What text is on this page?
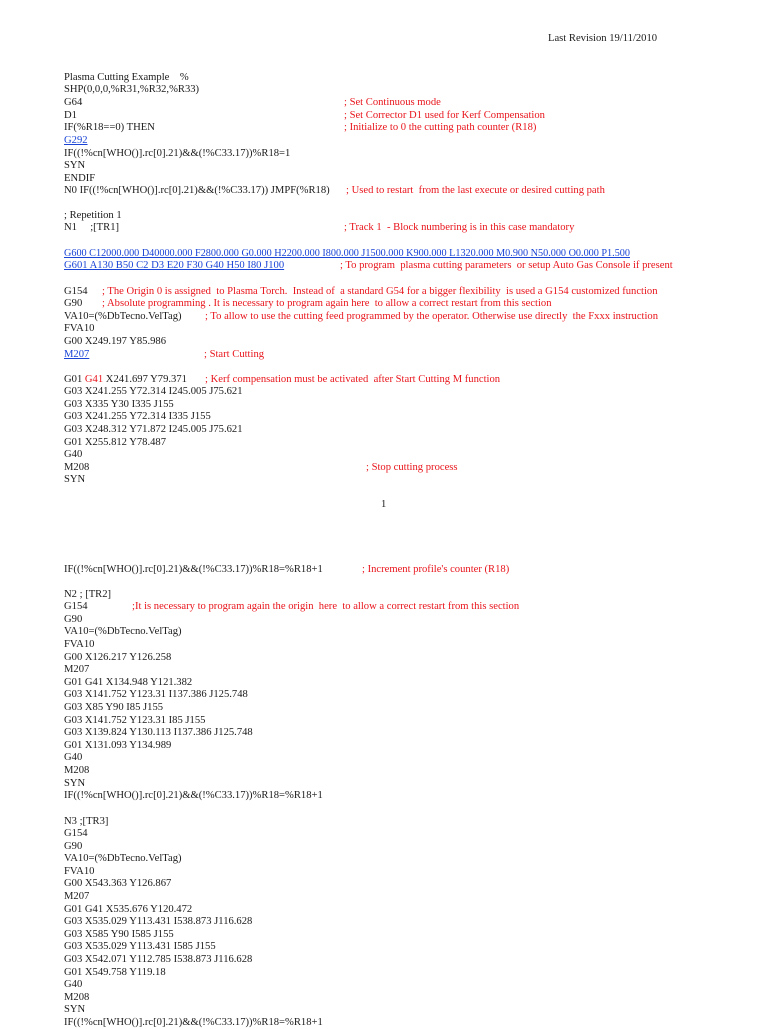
Last Revision 19/11/2010
Plasma Cutting Example    %
SHP(0,0,0,%R31,%R32,%R33)
G64	; Set Continuous mode
D1	; Set Corrector D1 used for Kerf Compensation
IF(%R18==0) THEN	; Initialize to 0 the cutting path counter (R18)
G292
IF((!%cn[WHO()].rc[0].21)&&(!%C33.17))%R18=1
SYN
ENDIF
N0 IF((!%cn[WHO()].rc[0].21)&&(!%C33.17)) JMPF(%R18) ; Used to restart  from the last execute or desired cutting path
; Repetition 1
N1     ;[TR1]	; Track 1  - Block numbering is in this case mandatory
G600 C12000.000 D40000.000 F2800.000 G0.000 H2200.000 I800.000 J1500.000 K900.000 L1320.000 M0.900 N50.000 O0.000 P1.500
G601 A130 B50 C2 D3 E20 F30 G40 H50 I80 J100	; To program  plasma cutting parameters  or setup Auto Gas Console if present
G154 ; The Origin 0 is assigned  to Plasma Torch.  Instead of  a standard G54 for a bigger flexibility  is used a G154 customized function
G90 ; Absolute programming . It is necessary to program again here  to allow a correct restart from this section
VA10=(%DbTecno.VelTag) ; To allow to use the cutting feed programmed by the operator. Otherwise use directly  the Fxxx instruction
FVA10
G00 X249.197 Y85.986
M207	; Start Cutting
G01 G41 X241.697 Y79.371 ; Kerf compensation must be activated  after Start Cutting M function
G03 X241.255 Y72.314 I245.005 J75.621
G03 X335 Y30 I335 J155
G03 X241.255 Y72.314 I335 J155
G03 X248.312 Y71.872 I245.005 J75.621
G01 X255.812 Y78.487
G40
M208	; Stop cutting process
SYN
1
IF((!%cn[WHO()].rc[0].21)&&(!%C33.17))%R18=%R18+1	; Increment profile's counter (R18)
N2 ; [TR2]
G154	;It is necessary to program again the origin  here  to allow a correct restart from this section
G90
VA10=(%DbTecno.VelTag)
FVA10
G00 X126.217 Y126.258
M207
G01 G41 X134.948 Y121.382
G03 X141.752 Y123.31 I137.386 J125.748
G03 X85 Y90 I85 J155
G03 X141.752 Y123.31 I85 J155
G03 X139.824 Y130.113 I137.386 J125.748
G01 X131.093 Y134.989
G40
M208
SYN
IF((!%cn[WHO()].rc[0].21)&&(!%C33.17))%R18=%R18+1
N3 ;[TR3]
G154
G90
VA10=(%DbTecno.VelTag)
FVA10
G00 X543.363 Y126.867
M207
G01 G41 X535.676 Y120.472
G03 X535.029 Y113.431 I538.873 J116.628
G03 X585 Y90 I585 J155
G03 X535.029 Y113.431 I585 J155
G03 X542.071 Y112.785 I538.873 J116.628
G01 X549.758 Y119.18
G40
M208
SYN
IF((!%cn[WHO()].rc[0].21)&&(!%C33.17))%R18=%R18+1
